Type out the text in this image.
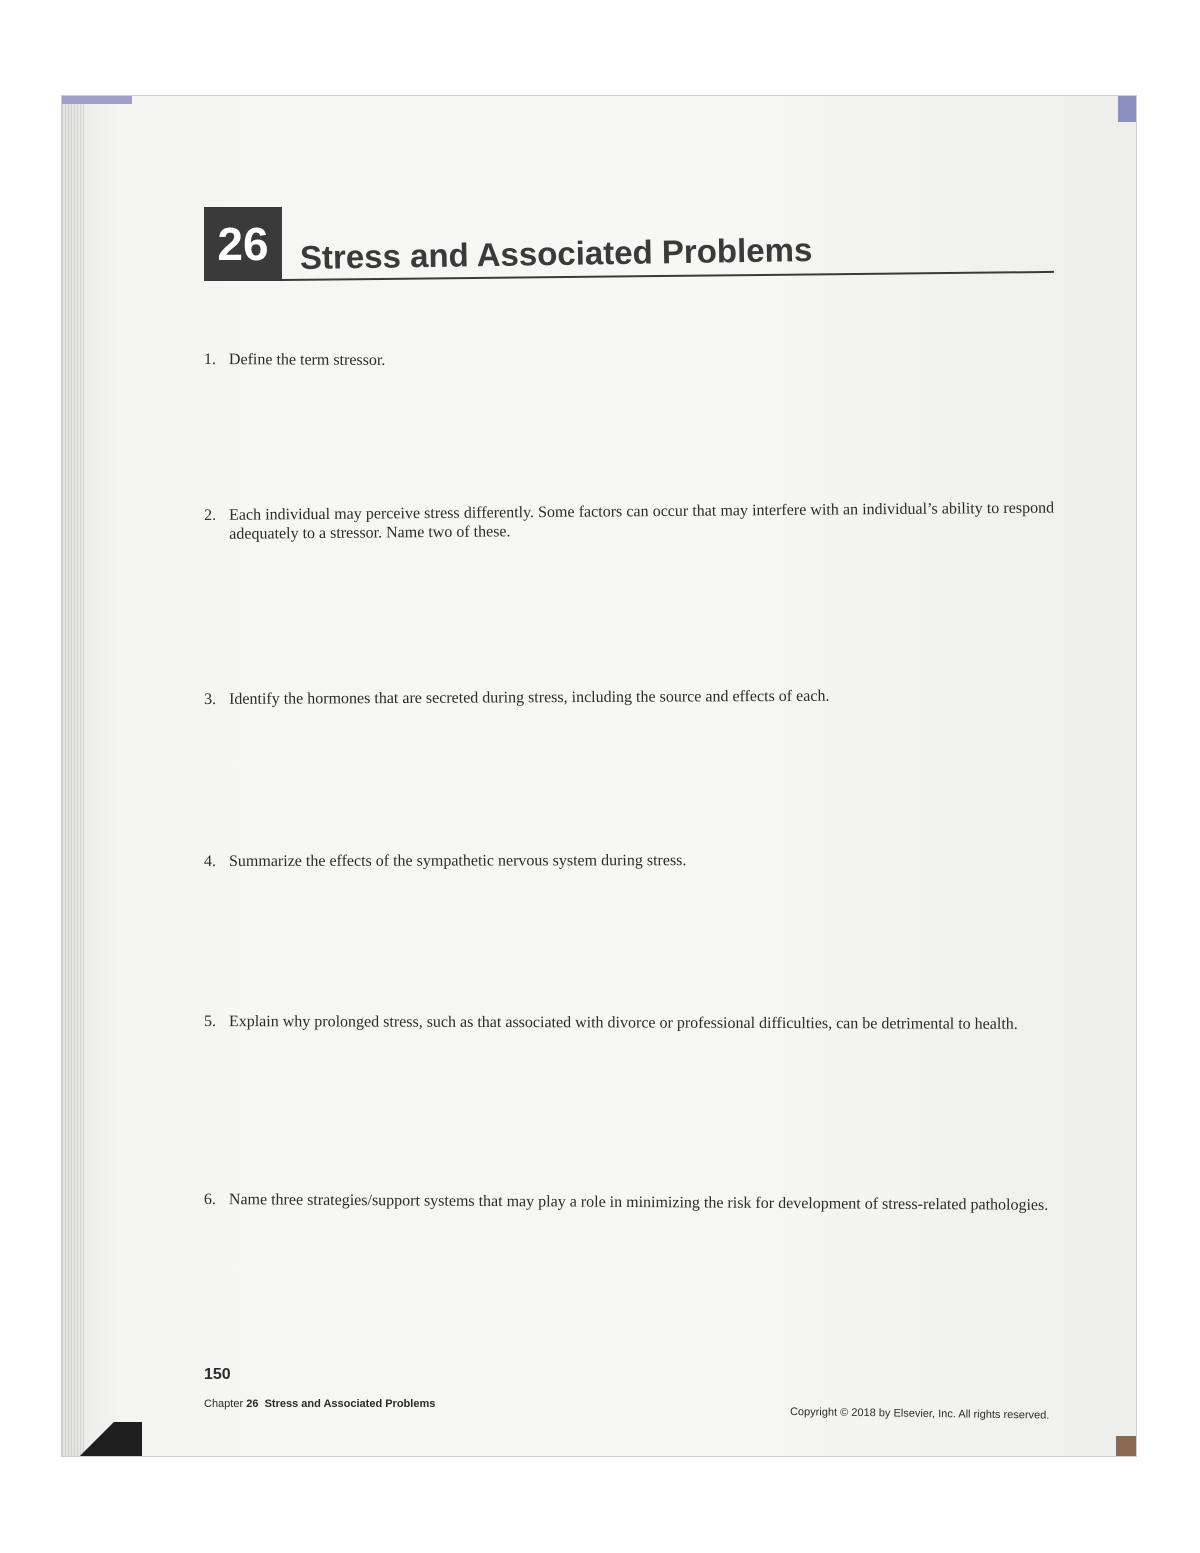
26 Stress and Associated Problems
1. Define the term stressor.
2. Each individual may perceive stress differently. Some factors can occur that may interfere with an individual’s ability to respond adequately to a stressor. Name two of these.
3. Identify the hormones that are secreted during stress, including the source and effects of each.
4. Summarize the effects of the sympathetic nervous system during stress.
5. Explain why prolonged stress, such as that associated with divorce or professional difficulties, can be detrimental to health.
6. Name three strategies/support systems that may play a role in minimizing the risk for development of stress-related pathologies.
150
Chapter 26 Stress and Associated Problems
Copyright © 2018 by Elsevier, Inc. All rights reserved.
